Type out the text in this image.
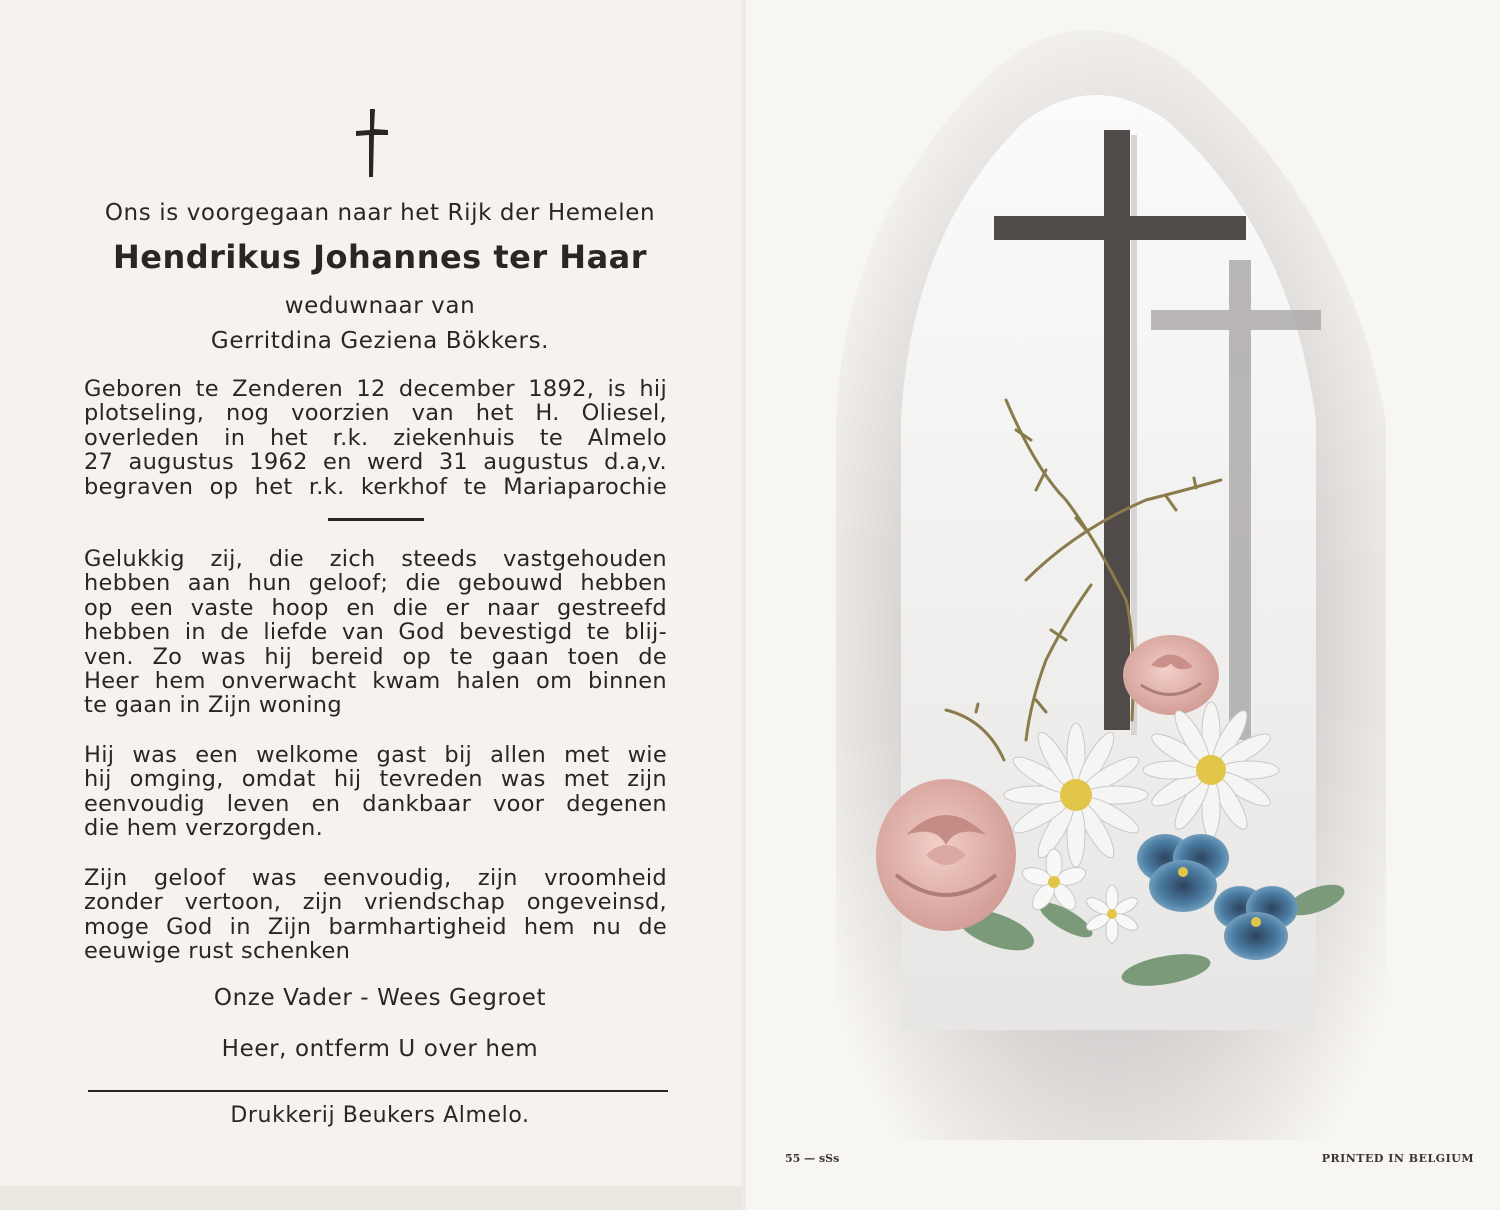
Ons is voorgegaan naar het Rijk der Hemelen
Hendrikus Johannes ter Haar
weduwnaar van
Gerritdina Geziena Bökkers.
Geboren te Zenderen 12 december 1892, is hij
plotseling, nog voorzien van het H. Oliesel,
overleden in het r.k. ziekenhuis te Almelo
27 augustus 1962 en werd 31 augustus d.a,v.
begraven op het r.k. kerkhof te Mariaparochie
Gelukkig zij, die zich steeds vastgehouden
hebben aan hun geloof; die gebouwd hebben
op een vaste hoop en die er naar gestreefd
hebben in de liefde van God bevestigd te blij-
ven. Zo was hij bereid op te gaan toen de
Heer hem onverwacht kwam halen om binnen
te gaan in Zijn woning
Hij was een welkome gast bij allen met wie
hij omging, omdat hij tevreden was met zijn
eenvoudig leven en dankbaar voor degenen
die hem verzorgden.
Zijn geloof was eenvoudig, zijn vroomheid
zonder vertoon, zijn vriendschap ongeveinsd,
moge God in Zijn barmhartigheid hem nu de
eeuwige rust schenken
Onze Vader - Wees Gegroet
Heer, ontferm U over hem
Drukkerij Beukers Almelo.
55 — sSs	PRINTED IN BELGIUM
